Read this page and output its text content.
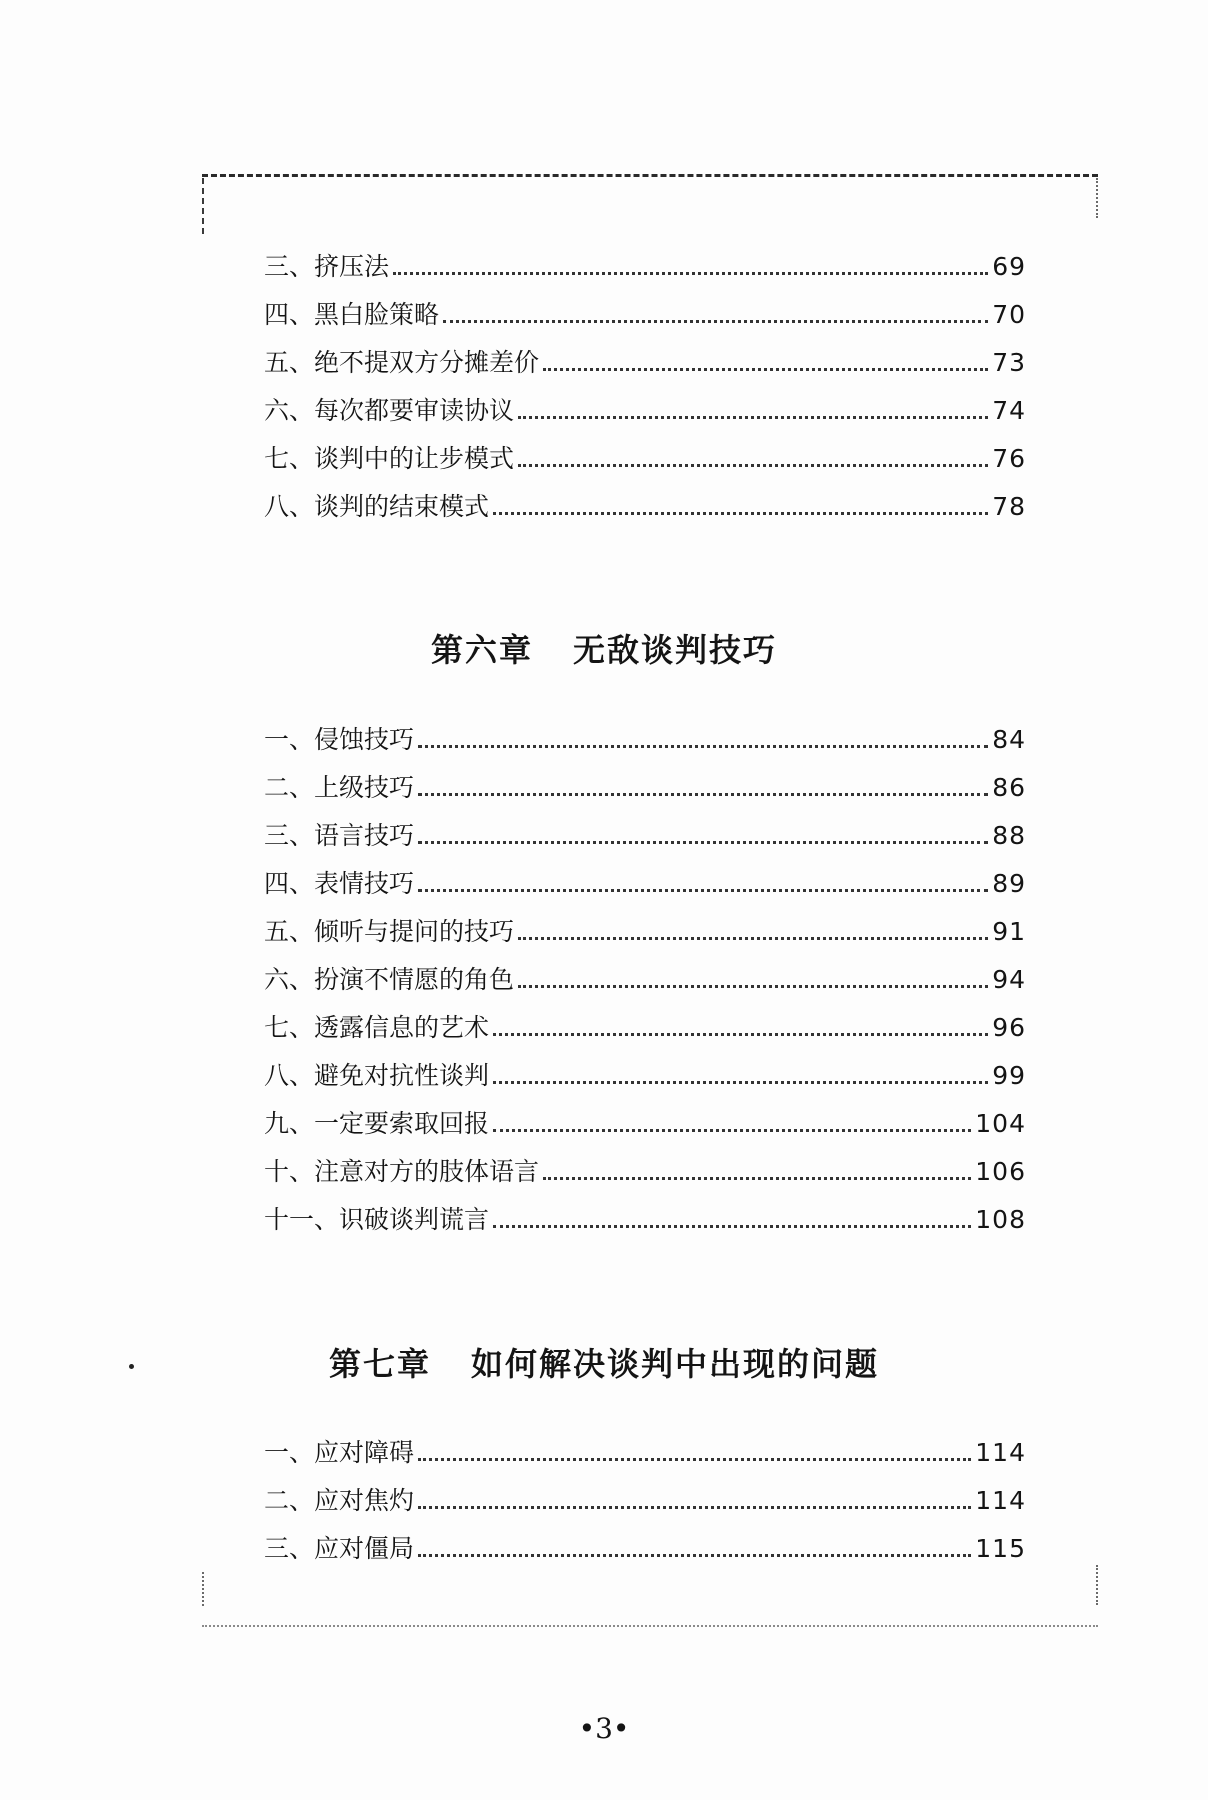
三、挤压法	69
四、黑白脸策略	70
五、绝不提双方分摊差价	73
六、每次都要审读协议	74
七、谈判中的让步模式	76
八、谈判的结束模式	78
第六章 无敌谈判技巧
一、侵蚀技巧	84
二、上级技巧	86
三、语言技巧	88
四、表情技巧	89
五、倾听与提问的技巧	91
六、扮演不情愿的角色	94
七、透露信息的艺术	96
八、避免对抗性谈判	99
九、一定要索取回报	104
十、注意对方的肢体语言	106
十一、识破谈判谎言	108
第七章 如何解决谈判中出现的问题
一、应对障碍	114
二、应对焦灼	114
三、应对僵局	115
•3•
